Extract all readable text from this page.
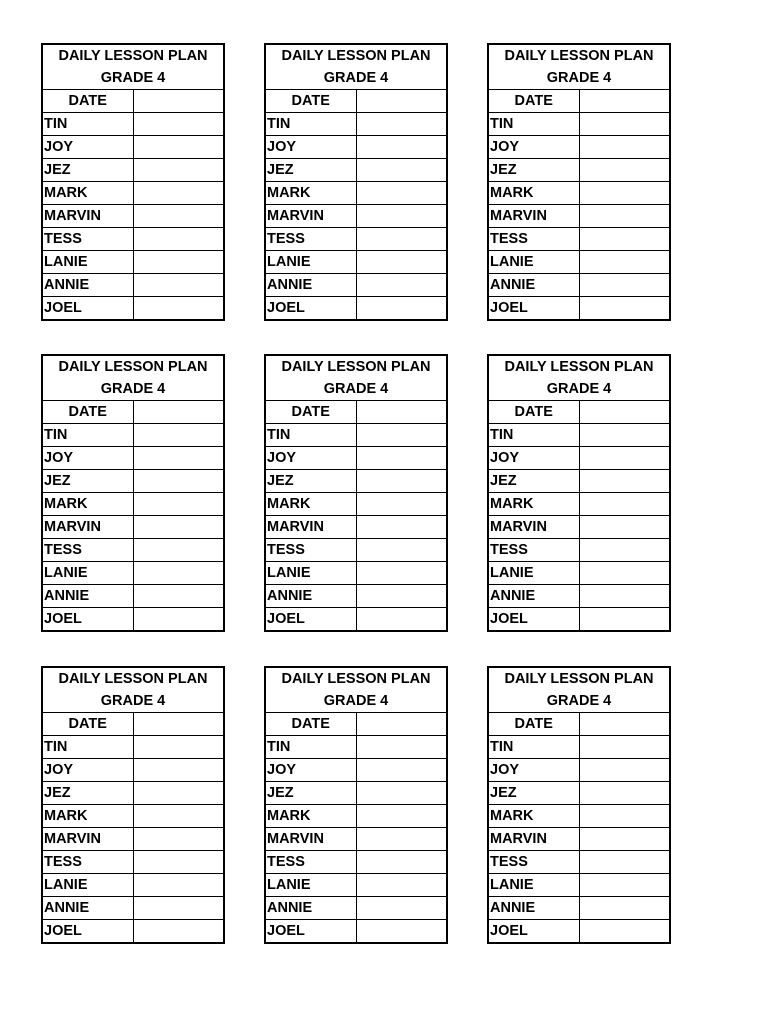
DAILY LESSON PLAN	
GRADE 4	
DATE	
TIN	
JOY	
JEZ	
MARK	
MARVIN	
TESS	
LANIE	
ANNIE	
JOEL	
DAILY LESSON PLAN	
GRADE 4	
DATE	
TIN	
JOY	
JEZ	
MARK	
MARVIN	
TESS	
LANIE	
ANNIE	
JOEL	
DAILY LESSON PLAN	
GRADE 4	
DATE	
TIN	
JOY	
JEZ	
MARK	
MARVIN	
TESS	
LANIE	
ANNIE	
JOEL	
DAILY LESSON PLAN	
GRADE 4	
DATE	
TIN	
JOY	
JEZ	
MARK	
MARVIN	
TESS	
LANIE	
ANNIE	
JOEL	
DAILY LESSON PLAN	
GRADE 4	
DATE	
TIN	
JOY	
JEZ	
MARK	
MARVIN	
TESS	
LANIE	
ANNIE	
JOEL	
DAILY LESSON PLAN	
GRADE 4	
DATE	
TIN	
JOY	
JEZ	
MARK	
MARVIN	
TESS	
LANIE	
ANNIE	
JOEL	
DAILY LESSON PLAN	
GRADE 4	
DATE	
TIN	
JOY	
JEZ	
MARK	
MARVIN	
TESS	
LANIE	
ANNIE	
JOEL	
DAILY LESSON PLAN	
GRADE 4	
DATE	
TIN	
JOY	
JEZ	
MARK	
MARVIN	
TESS	
LANIE	
ANNIE	
JOEL	
DAILY LESSON PLAN	
GRADE 4	
DATE	
TIN	
JOY	
JEZ	
MARK	
MARVIN	
TESS	
LANIE	
ANNIE	
JOEL	
